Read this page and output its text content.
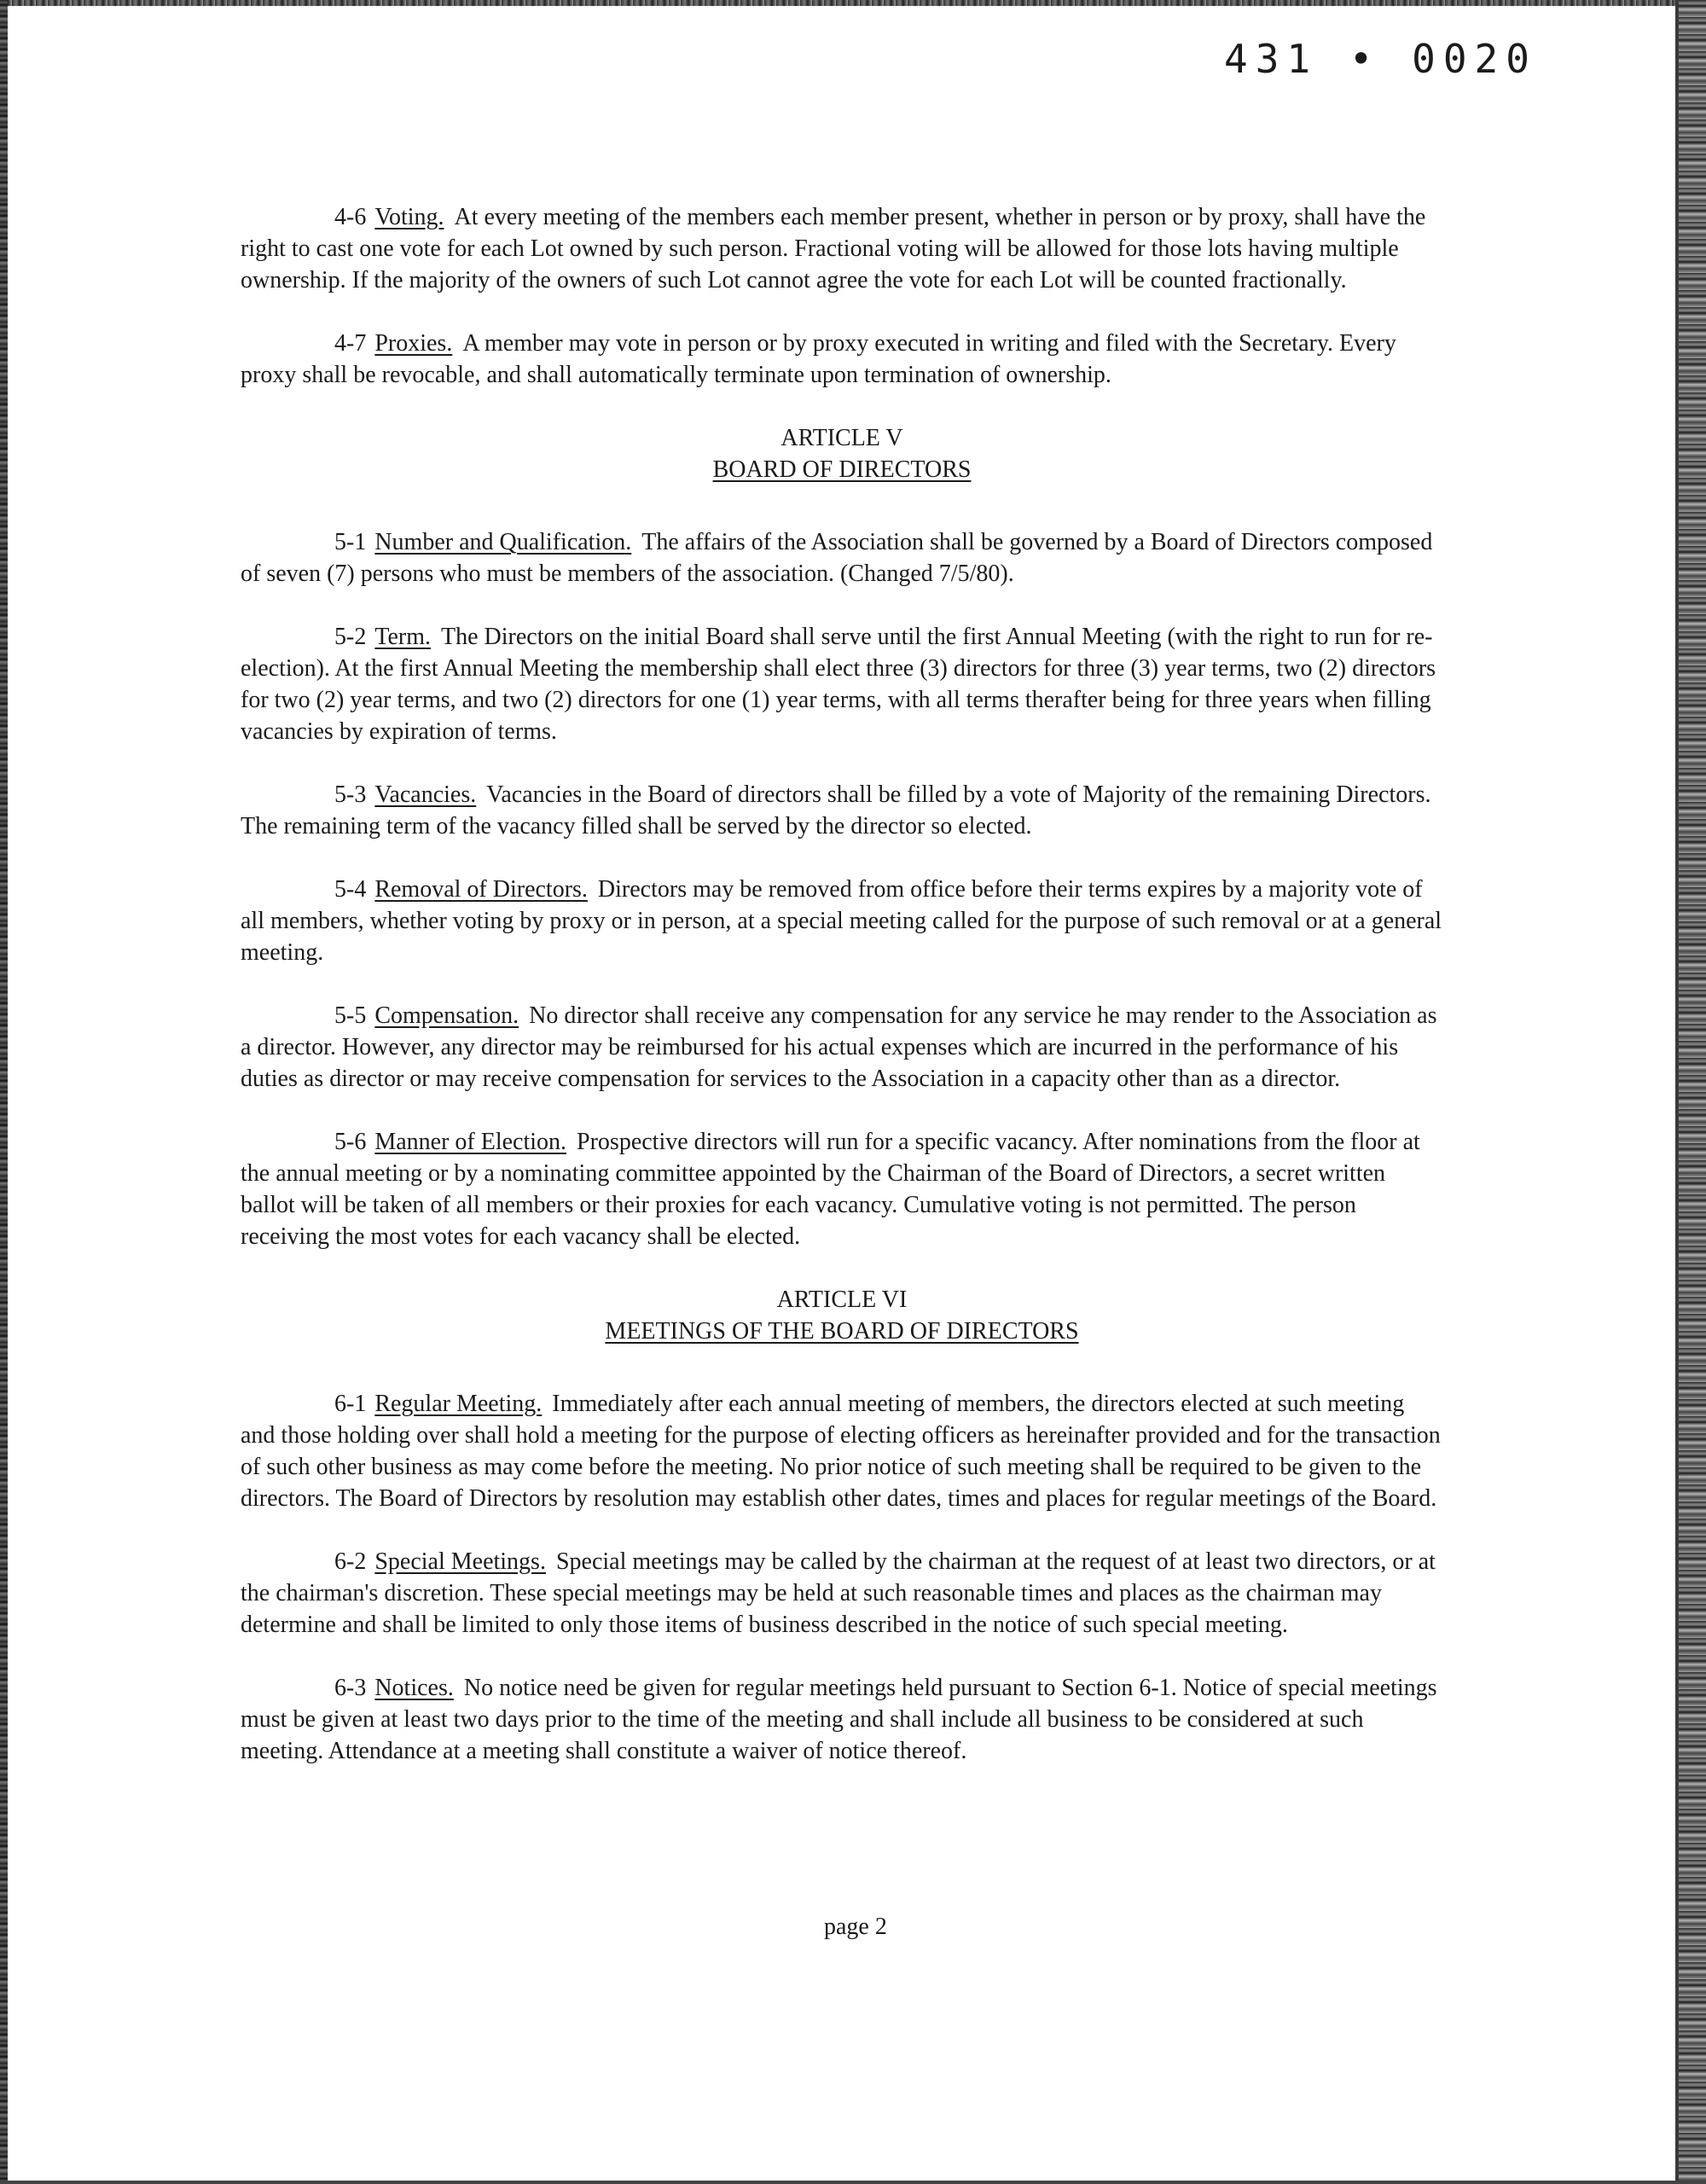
431 • 0020

4-6 Voting. At every meeting of the members each member present, whether in person or by proxy, shall have the right to cast one vote for each Lot owned by such person. Fractional voting will be allowed for those lots having multiple ownership. If the majority of the owners of such Lot cannot agree the vote for each Lot will be counted fractionally.

4-7 Proxies. A member may vote in person or by proxy executed in writing and filed with the Secretary. Every proxy shall be revocable, and shall automatically terminate upon termination of ownership.

ARTICLE V
BOARD OF DIRECTORS

5-1 Number and Qualification. The affairs of the Association shall be governed by a Board of Directors composed of seven (7) persons who must be members of the association. (Changed 7/5/80).

5-2 Term. The Directors on the initial Board shall serve until the first Annual Meeting (with the right to run for re-election). At the first Annual Meeting the membership shall elect three (3) directors for three (3) year terms, two (2) directors for two (2) year terms, and two (2) directors for one (1) year terms, with all terms therafter being for three years when filling vacancies by expiration of terms.

5-3 Vacancies. Vacancies in the Board of directors shall be filled by a vote of Majority of the remaining Directors. The remaining term of the vacancy filled shall be served by the director so elected.

5-4 Removal of Directors. Directors may be removed from office before their terms expires by a majority vote of all members, whether voting by proxy or in person, at a special meeting called for the purpose of such removal or at a general meeting.

5-5 Compensation. No director shall receive any compensation for any service he may render to the Association as a director. However, any director may be reimbursed for his actual expenses which are incurred in the performance of his duties as director or may receive compensation for services to the Association in a capacity other than as a director.

5-6 Manner of Election. Prospective directors will run for a specific vacancy. After nominations from the floor at the annual meeting or by a nominating committee appointed by the Chairman of the Board of Directors, a secret written ballot will be taken of all members or their proxies for each vacancy. Cumulative voting is not permitted. The person receiving the most votes for each vacancy shall be elected.

ARTICLE VI
MEETINGS OF THE BOARD OF DIRECTORS

6-1 Regular Meeting. Immediately after each annual meeting of members, the directors elected at such meeting and those holding over shall hold a meeting for the purpose of electing officers as hereinafter provided and for the transaction of such other business as may come before the meeting. No prior notice of such meeting shall be required to be given to the directors. The Board of Directors by resolution may establish other dates, times and places for regular meetings of the Board.

6-2 Special Meetings. Special meetings may be called by the chairman at the request of at least two directors, or at the chairman's discretion. These special meetings may be held at such reasonable times and places as the chairman may determine and shall be limited to only those items of business described in the notice of such special meeting.

6-3 Notices. No notice need be given for regular meetings held pursuant to Section 6-1. Notice of special meetings must be given at least two days prior to the time of the meeting and shall include all business to be considered at such meeting. Attendance at a meeting shall constitute a waiver of notice thereof.

page 2
